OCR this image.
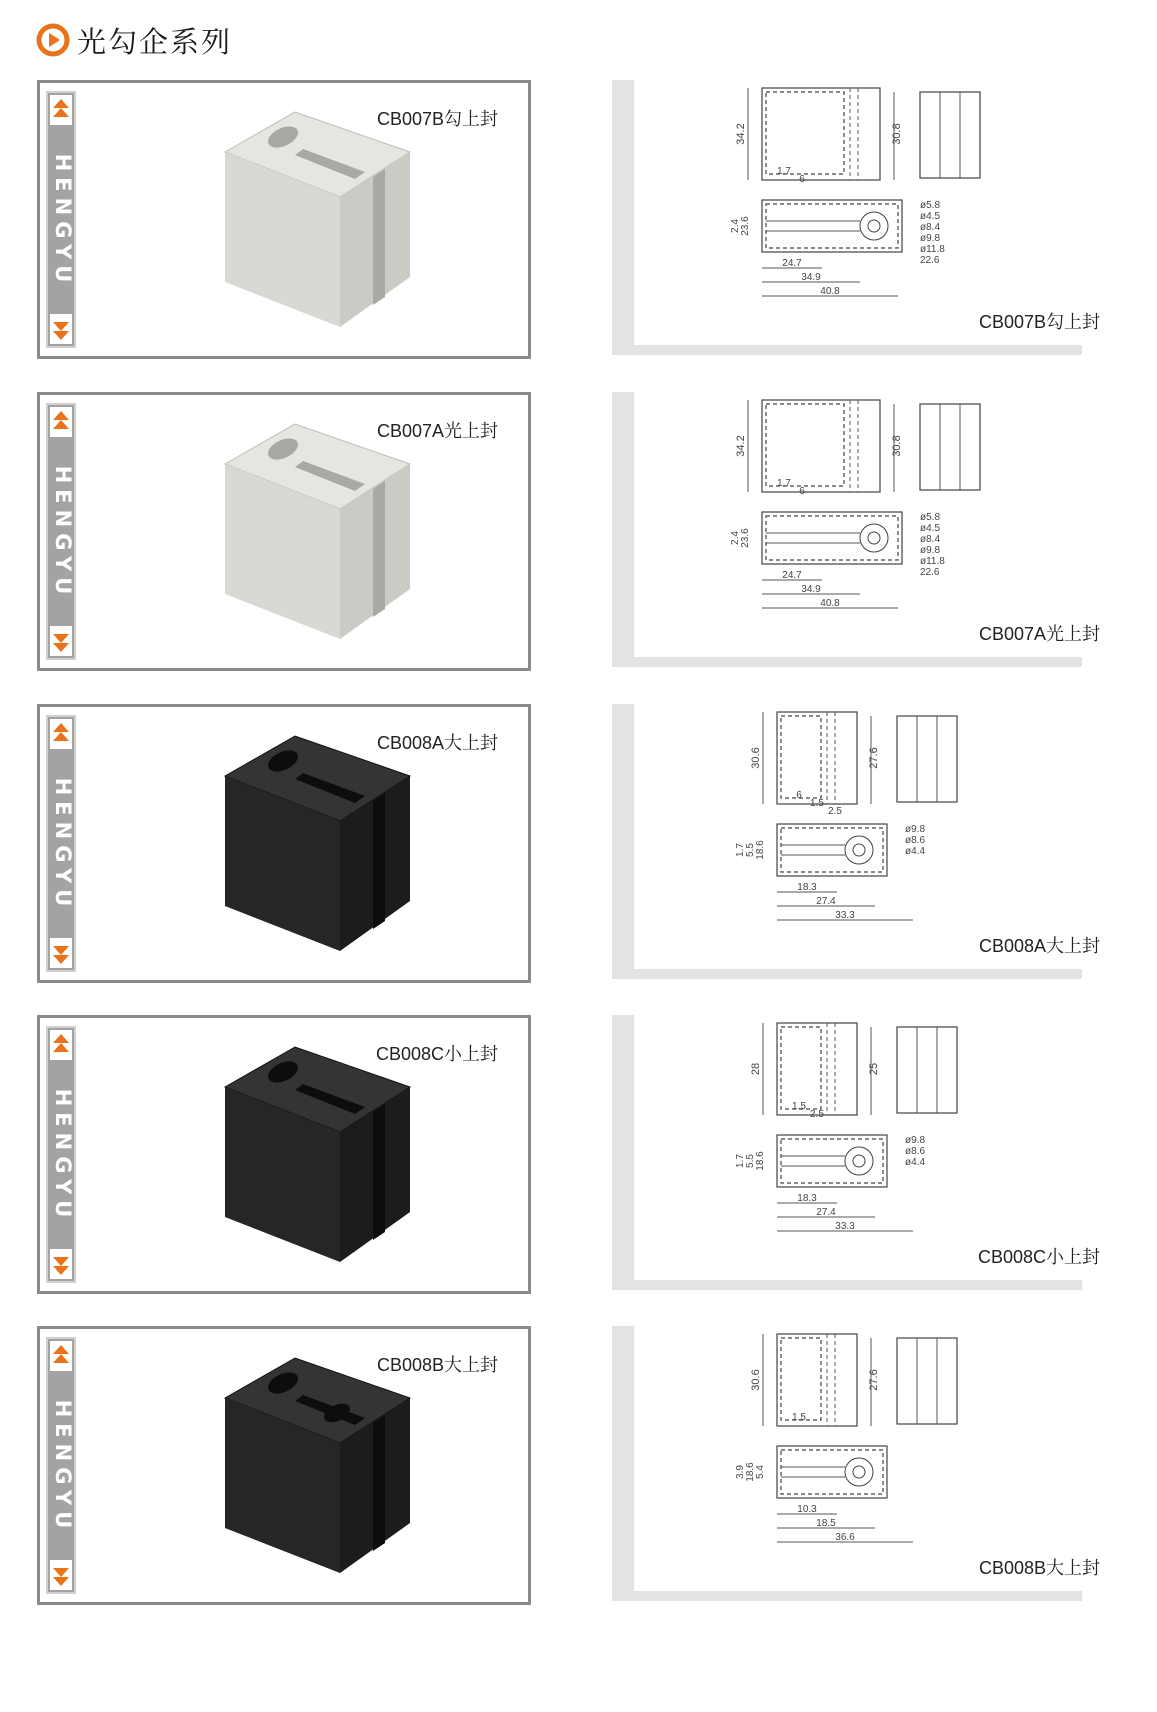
光勾企系列
HENGYU
CB007B勾上封
34.2	30.8
1.7
6
23.6
2.4
ø5.8
ø4.5
ø8.4
ø9.8
ø11.8
22.6
24.7
34.9
40.8
CB007B勾上封
HENGYU
CB007A光上封
34.2	30.8
1.7
6
23.6
2.4
ø5.8
ø4.5
ø8.4
ø9.8
ø11.8
22.6
24.7
34.9
40.8
CB007A光上封
HENGYU
CB008A大上封
30.6	27.6
6
1.5
2.5
18.6
5.5
1.7
ø9.8
ø8.6
ø4.4
18.3
27.4
33.3
CB008A大上封
HENGYU
CB008C小上封
28	25
1.5
2.5
18.6
5.5
1.7
ø9.8
ø8.6
ø4.4
18.3
27.4
33.3
CB008C小上封
HENGYU
CB008B大上封
30.6	27.6
1.5
5.4
18.6
3.9
10.3
18.5
36.6
CB008B大上封
